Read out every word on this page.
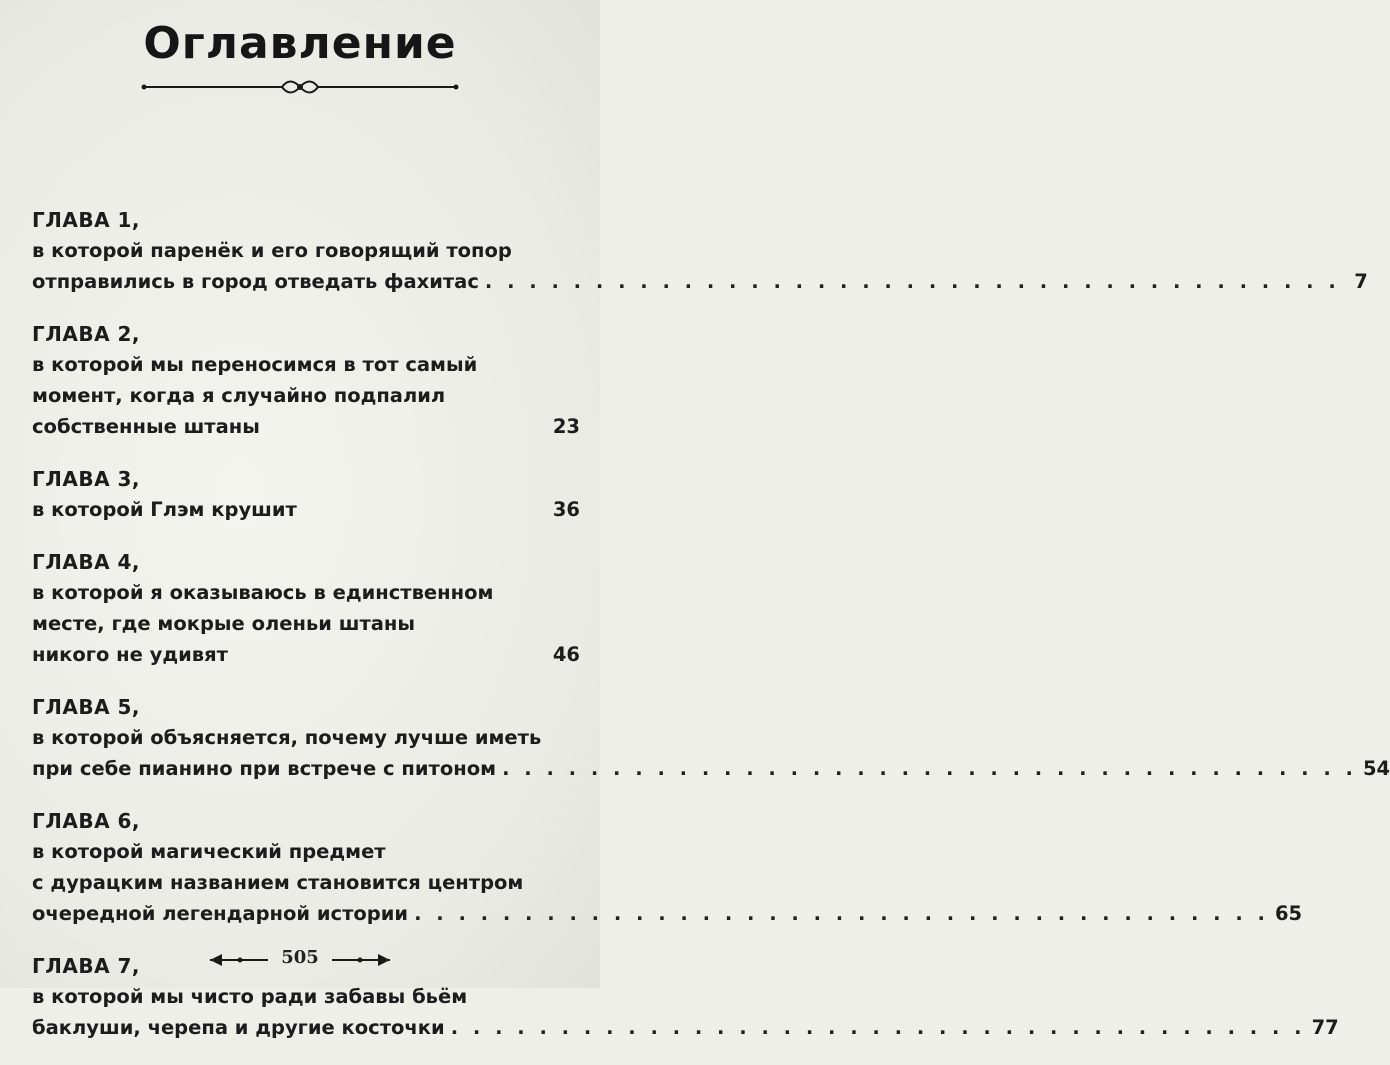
Оглавление
ГЛАВА 1,
в которой паренёк и его говорящий топор
отправились в город отведать фахитас . . . . . . . . . . . . . . . . . . . . . . . . . . . . . . . . . . . . . . . 7
ГЛАВА 2,
в которой мы переносимся в тот самый
момент, когда я случайно подпалил
собственные штаны	23
ГЛАВА 3,
в которой Глэм крушит	36
ГЛАВА 4,
в которой я оказываюсь в единственном
месте, где мокрые оленьи штаны
никого не удивят	46
ГЛАВА 5,
в которой объясняется, почему лучше иметь
при себе пианино при встрече с питоном . . . . . . . . . . . . . . . . . . . . . . . . . . . . . . . . . . . . . . . 54
ГЛАВА 6,
в которой магический предмет
с дурацким названием становится центром
очередной легендарной истории . . . . . . . . . . . . . . . . . . . . . . . . . . . . . . . . . . . . . . . 65
ГЛАВА 7,
в которой мы чисто ради забавы бьём
баклуши, черепа и другие косточки . . . . . . . . . . . . . . . . . . . . . . . . . . . . . . . . . . . . . . . 77
505
